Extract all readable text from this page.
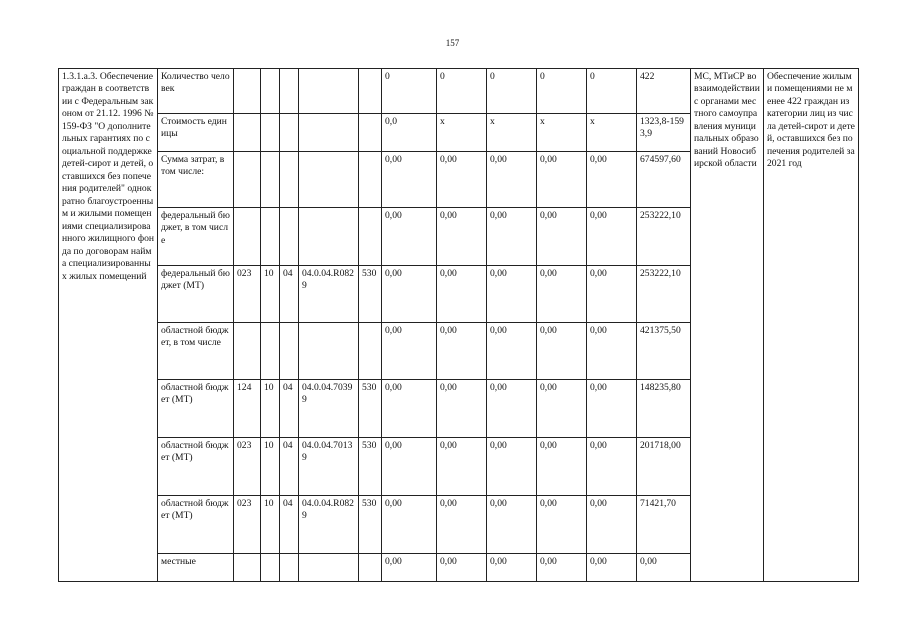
157
1.3.1.а.3. Обеспечение граждан в соответствии с Федеральным законом от 21.12. 1996 № 159-ФЗ "О дополнительных гарантиях по социальной поддержке детей-сирот и детей, оставшихся без попечения родителей" однократно благоустроенным и жилыми помещениями специализированного жилищного фонда по договорам найма специализированных жилых помещений	Количество человек						0	0	0	0	0	422	МС, МТиСР во взаимодействии с органами местного самоуправления муниципальных образований Новосибирской области	Обеспечение жилыми помещениями не менее 422 граждан из категории лиц из числа детей-сирот и детей, оставшихся без попечения родителей за 2021 год
	Стоимость единицы						0,0	x	x	x	x	1323,8-1593,9		
	Сумма затрат, в том числе:						0,00	0,00	0,00	0,00	0,00	674597,60		
	федеральный бюджет, в том числе						0,00	0,00	0,00	0,00	0,00	253222,10		
	федеральный бюджет (МТ)	023	10	04	04.0.04.R0829	530	0,00	0,00	0,00	0,00	0,00	253222,10		
	областной бюджет, в том числе						0,00	0,00	0,00	0,00	0,00	421375,50		
	областной бюджет (МТ)	124	10	04	04.0.04.70399	530	0,00	0,00	0,00	0,00	0,00	148235,80		
	областной бюджет (МТ)	023	10	04	04.0.04.70139	530	0,00	0,00	0,00	0,00	0,00	201718,00		
	областной бюджет (МТ)	023	10	04	04.0.04.R0829	530	0,00	0,00	0,00	0,00	0,00	71421,70		
	местные						0,00	0,00	0,00	0,00	0,00	0,00		
